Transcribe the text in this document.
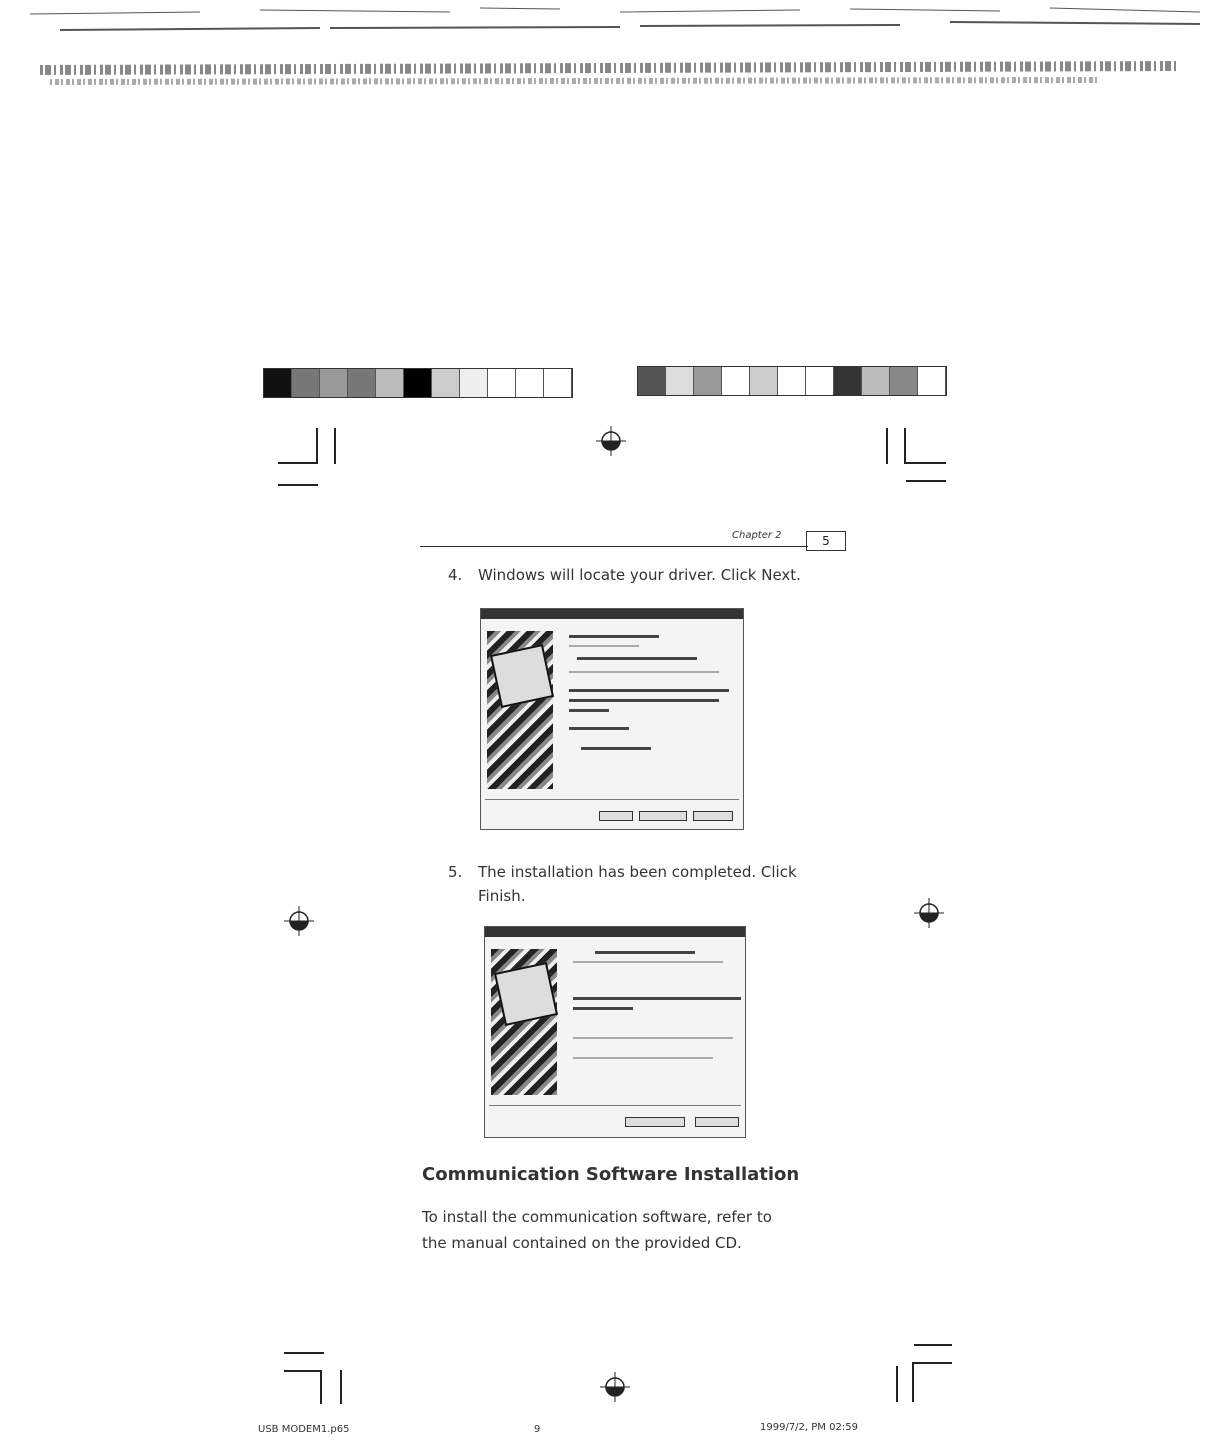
Chapter 2	5
4. Windows will locate your driver. Click Next.
5. The installation has been completed. Click
Finish.
Communication Software Installation
To install the communication software, refer to
the manual contained on the provided CD.
USB MODEM1.p65	9	1999/7/2, PM 02:59
